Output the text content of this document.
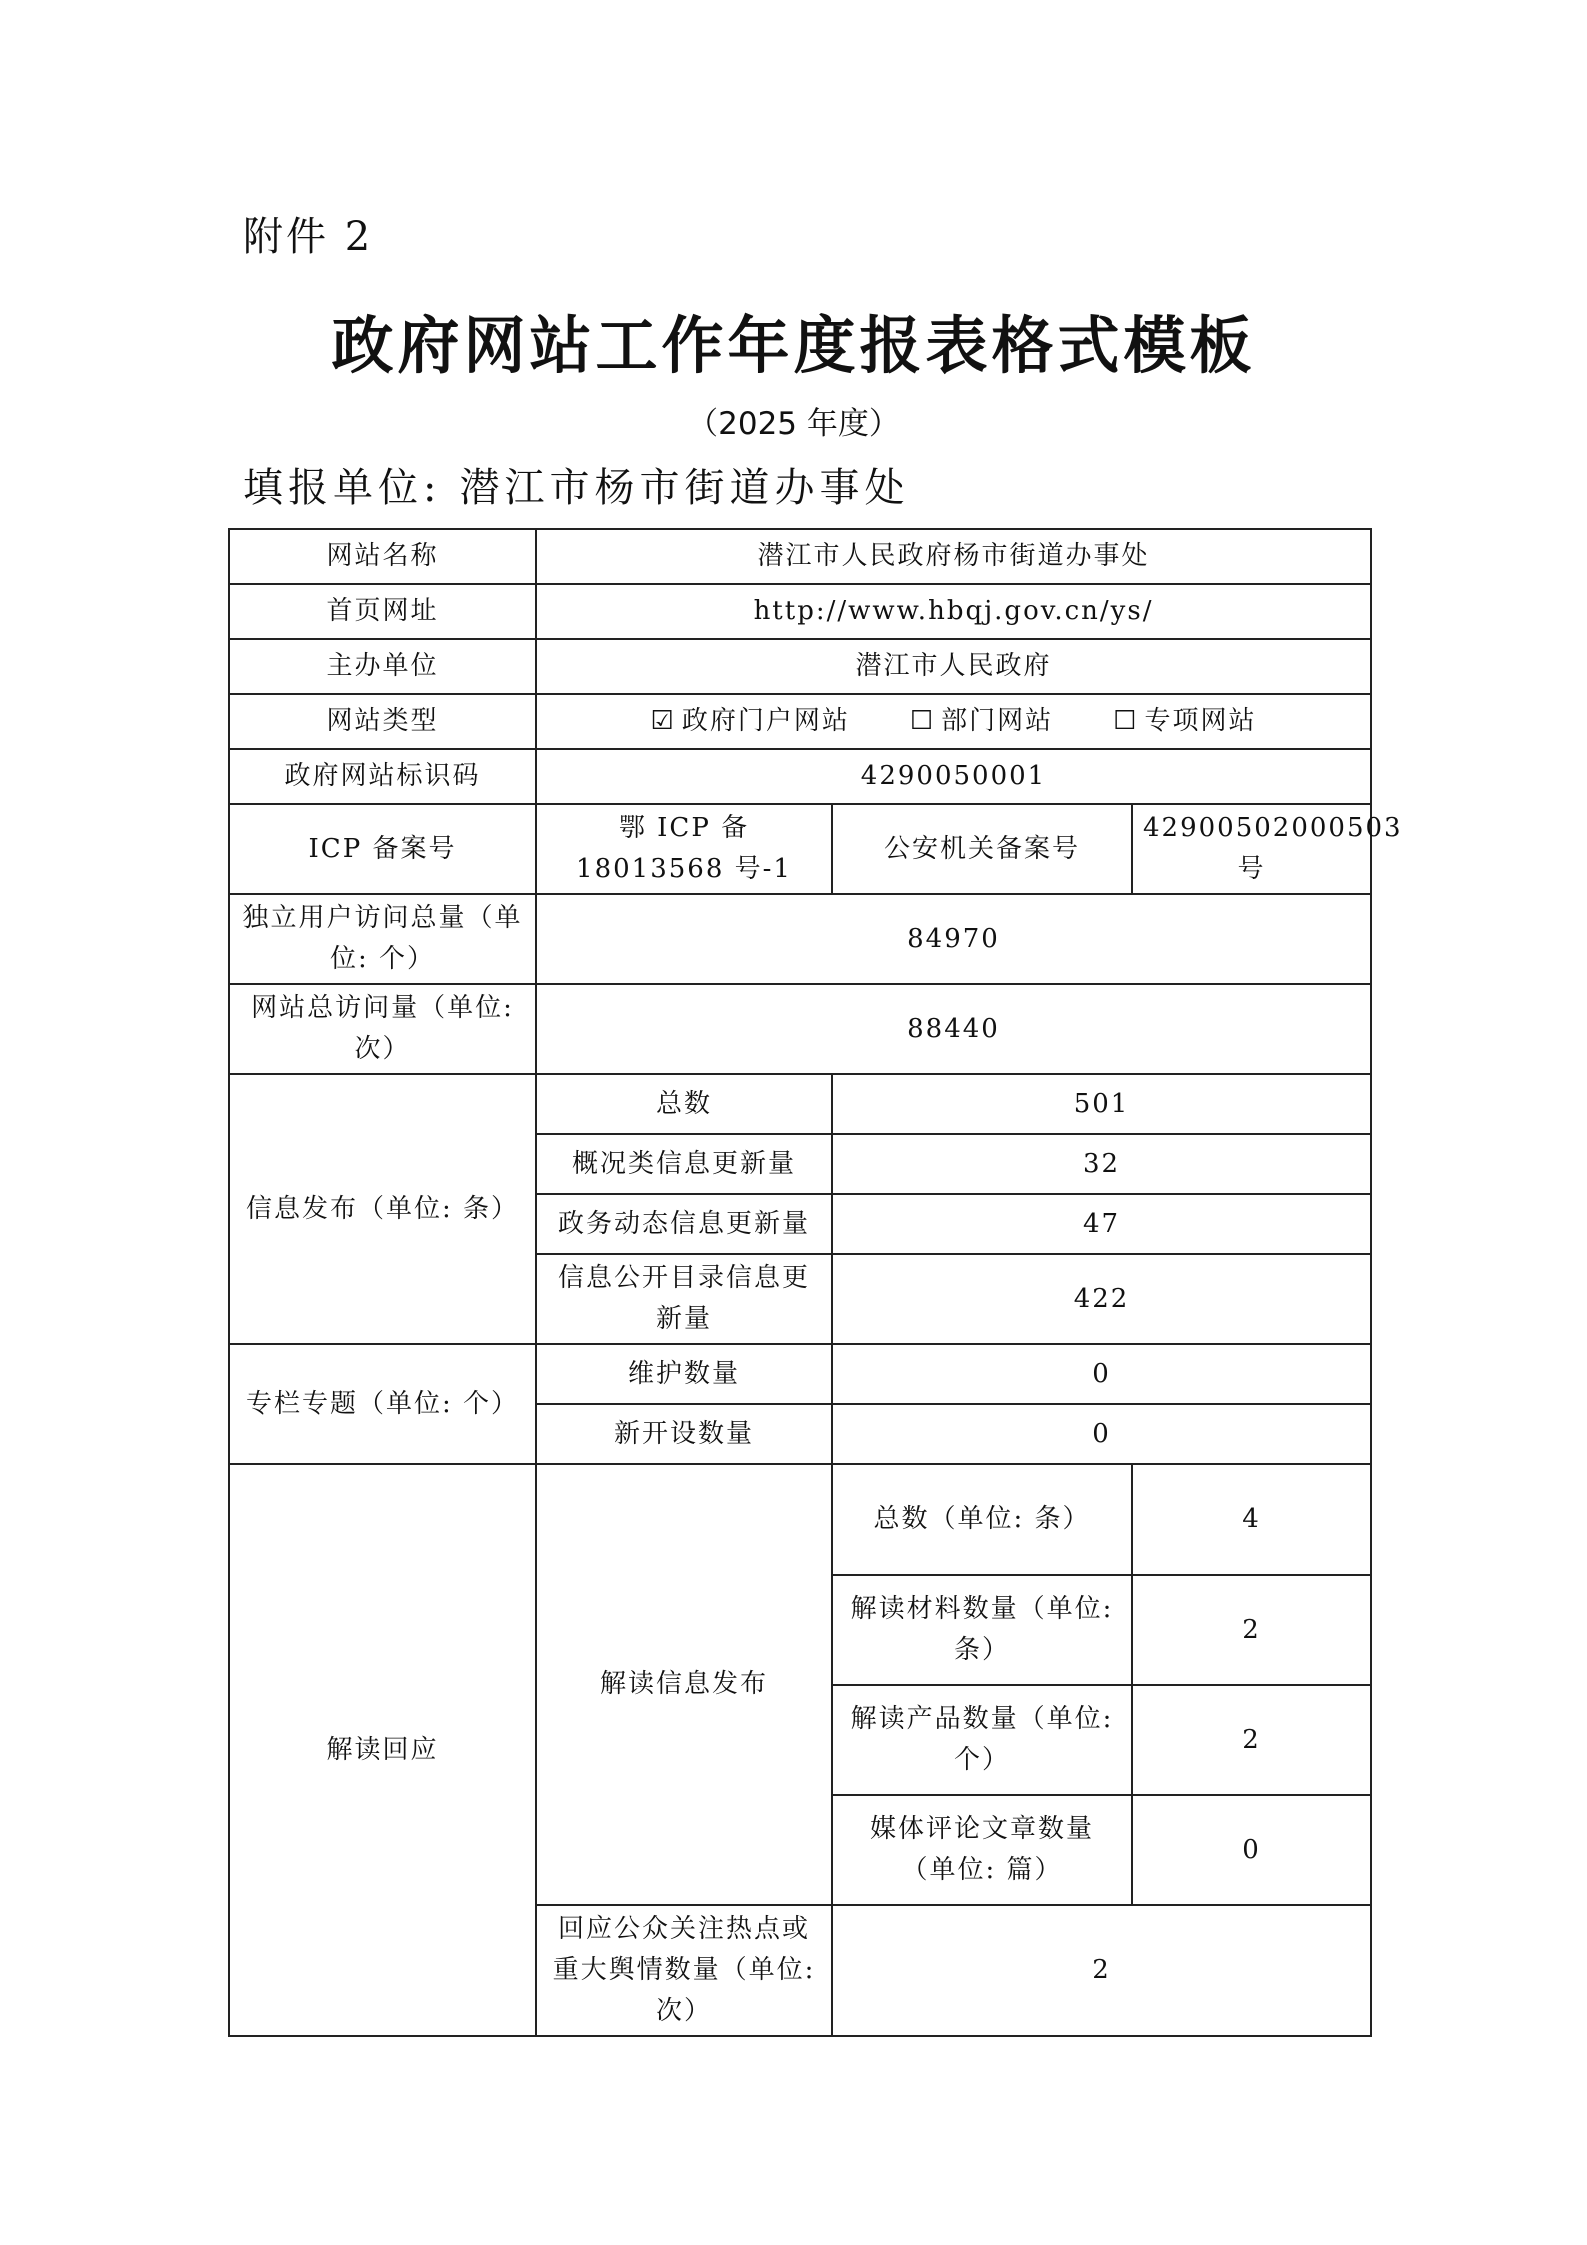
附件 2
政府网站工作年度报表格式模板
（2025 年度）
填报单位: 潜江市杨市街道办事处
网站名称	潜江市人民政府杨市街道办事处		
首页网址	http://www.hbqj.gov.cn/ys/		
主办单位	潜江市人民政府		
网站类型	☑ 政府门户网站 ☐ 部门网站 ☐ 专项网站		
政府网站标识码	4290050001		
ICP 备案号	鄂 ICP 备 18013568 号-1	公安机关备案号	42900502000503 号
独立用户访问总量（单位: 个）	84970		
网站总访问量（单位: 次）	88440		
信息发布（单位: 条）	总数	501	
	概况类信息更新量	32	
	政务动态信息更新量	47	
	信息公开目录信息更新量	422	
专栏专题（单位: 个）	维护数量	0	
	新开设数量	0	
解读回应	解读信息发布	总数（单位: 条）	4
		解读材料数量（单位: 条）	2
		解读产品数量（单位: 个）	2
		媒体评论文章数量（单位: 篇）	0
	回应公众关注热点或重大舆情数量（单位: 次）	2	
